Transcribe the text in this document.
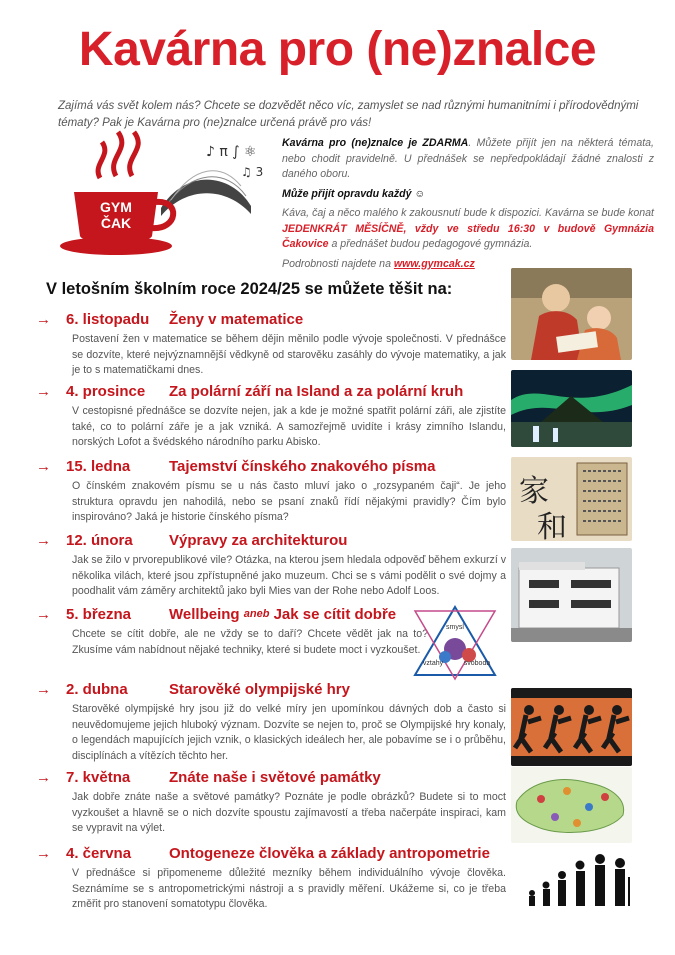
Kavárna pro (ne)znalce
Zajímá vás svět kolem nás? Chcete se dozvědět něco víc, zamyslet se nad různými humanitními i přírodovědnými tématy? Pak je Kavárna pro (ne)znalce určená právě pro vás!
♪ π ∫ ⚛
♫ 3
GYM
ČAK

Kavárna pro (ne)znalce je ZDARMA. Můžete přijít jen na některá témata, nebo chodit pravidelně. U přednášek se nepředpokládají žádné znalosti z daného oboru.

Může přijít opravdu každý ☺

Káva, čaj a něco malého k zakousnutí bude k dispozici. Kavárna se bude konat JEDENKRÁT MĚSÍČNĚ, vždy ve středu 16:30 v budově Gymnázia Čakovice a přednášet budou pedagogové gymnázia.

Podrobnosti najdete na www.gymcak.cz

V letošním školním roce 2024/25 se můžete těšit na:
→	6. listopadu	Ženy v matematice
Postavení žen v matematice se během dějin měnilo podle vývoje společnosti. V přednášce se dozvíte, které nejvýznamnější vědkyně od starověku zasáhly do vývoje matematiky, a jak je to s matematičkami dnes.
→	4. prosince	Za polární září na Island a za polární kruh
V cestopisné přednášce se dozvíte nejen, jak a kde je možné spatřit polární záři, ale zjistíte také, co to polární záře je a jak vzniká. A samozřejmě uvidíte i krásy zimního Islandu, norských Lofot a švédského národního parku Abisko.
→	15. ledna	Tajemství čínského znakového písma
O čínském znakovém písmu se u nás často mluví jako o „rozsypaném čaji“. Je jeho struktura opravdu jen nahodilá, nebo se psaní znaků řídí nějakými pravidly? Čím bylo inspirováno? Jaká je historie čínského písma?
→	12. února	Výpravy za architekturou
Jak se žilo v prvorepublikové vile? Otázka, na kterou jsem hledala odpověď během exkurzí v několika vilách, které jsou zpřístupněné jako muzeum. Chci se s vámi podělit o své dojmy a poodhalit vám záměry architektů jako byli Mies van der Rohe nebo Adolf Loos.
→	5. března	Wellbeing
aneb
Jak se cítit dobře
Chcete se cítit dobře, ale ne vždy se to daří? Chcete vědět jak na to? Zkusíme vám nabídnout nějaké techniky, které si budete moct i vyzkoušet.
→	2. dubna	Starověké olympijské hry
Starověké olympijské hry jsou již do velké míry jen upomínkou dávných dob a často si neuvědomujeme jejich hluboký význam. Dozvíte se nejen to, proč se Olympijské hry konaly, o legendách mapujících jejich vznik, o klasických ideálech her, ale pobavíme se i o průběhu, disciplínách a vítězích těchto her.
→	7. května	Znáte naše i světové památky
Jak dobře znáte naše a světové památky? Poznáte je podle obrázků? Budete si to moct vyzkoušet a hlavně se o nich dozvíte spoustu zajímavostí a třeba načerpáte inspiraci, kam se vypravit na výlet.
→	4. června	Ontogeneze člověka a základy antropometrie
V přednášce si připomeneme důležité mezníky během individuálního vývoje člověka. Seznámíme se s antropometrickými nástroji a s pravidly měření. Ukážeme si, co je třeba změřit pro stanovení somatotypu člověka.
家
和
smysl
vztahy	svoboda
